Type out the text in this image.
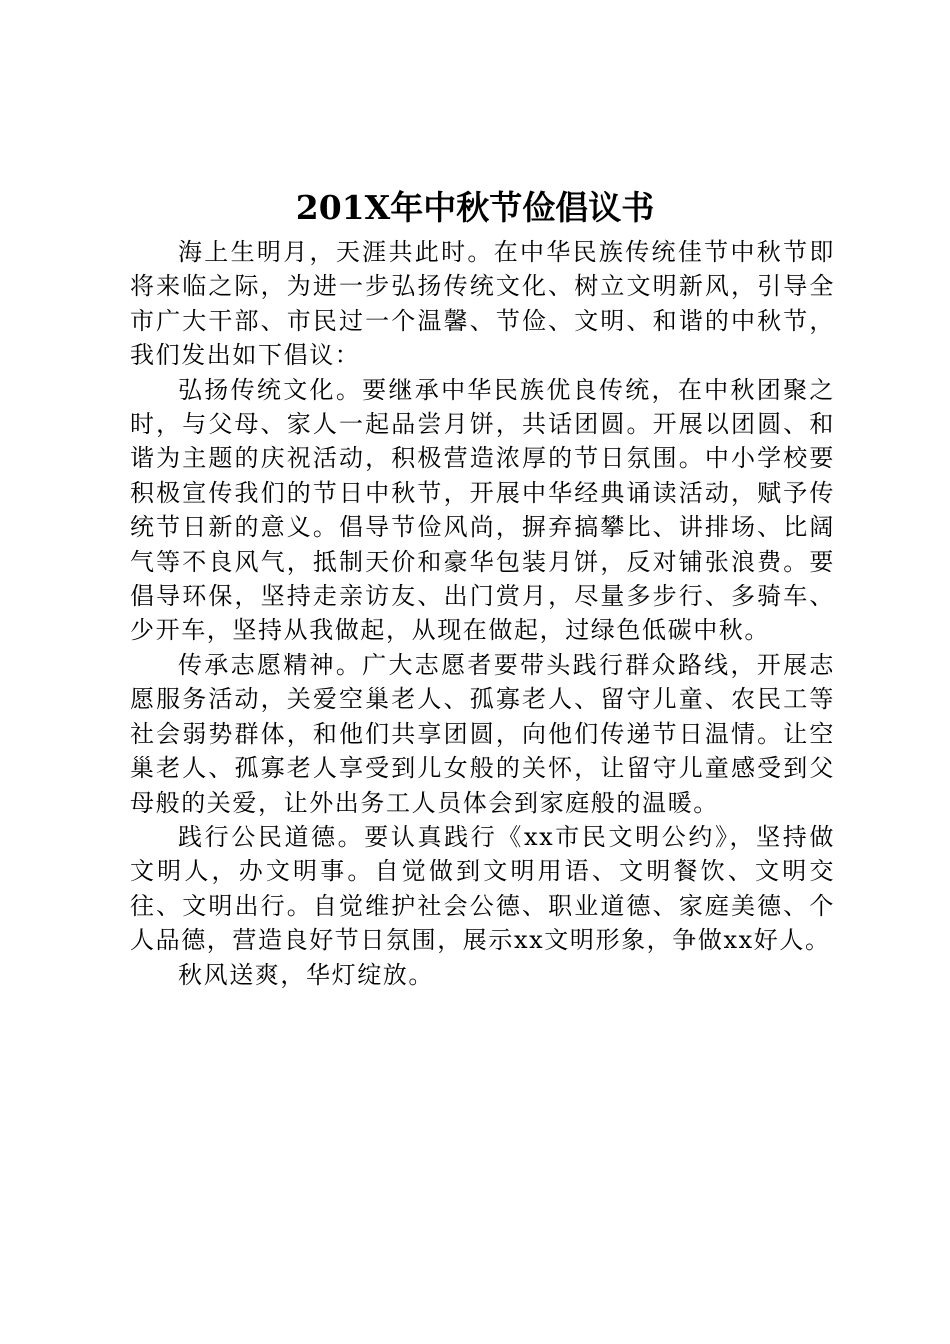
201X年中秋节俭倡议书

海上生明月，天涯共此时。在中华民族传统佳节中秋节即将来临之际，为进一步弘扬传统文化、树立文明新风，引导全市广大干部、市民过一个温馨、节俭、文明、和谐的中秋节，我们发出如下倡议：

弘扬传统文化。要继承中华民族优良传统，在中秋团聚之时，与父母、家人一起品尝月饼，共话团圆。开展以团圆、和谐为主题的庆祝活动，积极营造浓厚的节日氛围。中小学校要积极宣传我们的节日中秋节，开展中华经典诵读活动，赋予传统节日新的意义。倡导节俭风尚，摒弃搞攀比、讲排场、比阔气等不良风气，抵制天价和豪华包装月饼，反对铺张浪费。要倡导环保，坚持走亲访友、出门赏月，尽量多步行、多骑车、少开车，坚持从我做起，从现在做起，过绿色低碳中秋。

传承志愿精神。广大志愿者要带头践行群众路线，开展志愿服务活动，关爱空巢老人、孤寡老人、留守儿童、农民工等社会弱势群体，和他们共享团圆，向他们传递节日温情。让空巢老人、孤寡老人享受到儿女般的关怀，让留守儿童感受到父母般的关爱，让外出务工人员体会到家庭般的温暖。

践行公民道德。要认真践行《xx市民文明公约》，坚持做文明人，办文明事。自觉做到文明用语、文明餐饮、文明交往、文明出行。自觉维护社会公德、职业道德、家庭美德、个人品德，营造良好节日氛围，展示xx文明形象，争做xx好人。

秋风送爽，华灯绽放。
